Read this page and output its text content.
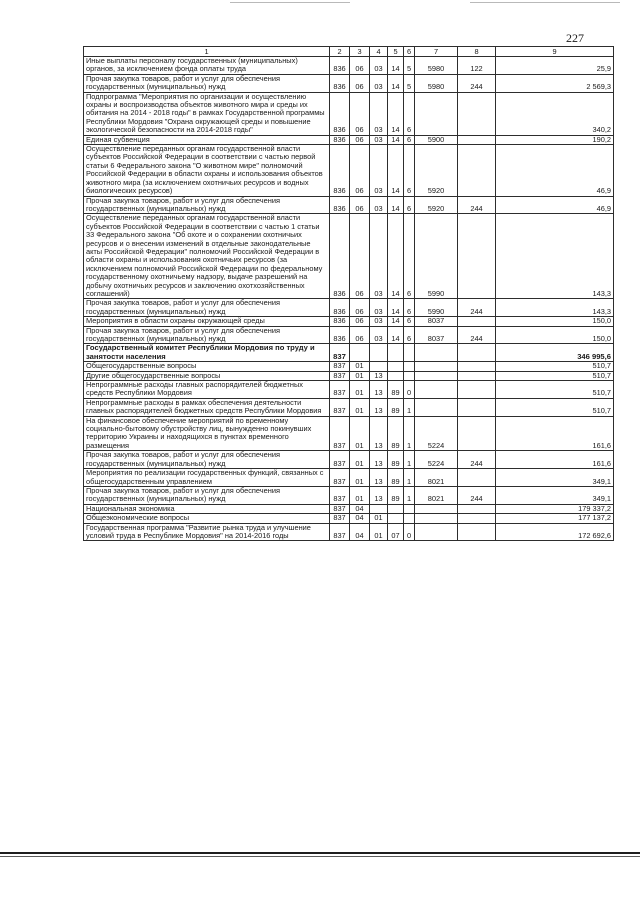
227
1	2	3	4	5	6	7	8	9
Иные выплаты персоналу государственных (муниципальных) органов, за исключением фонда оплаты труда	836	06	03	14	5	5980	122	25,9
Прочая закупка товаров, работ и услуг для обеспечения государственных (муниципальных) нужд	836	06	03	14	5	5980	244	2 569,3
Подпрограмма "Мероприятия по организации и осуществлению охраны и воспроизводства объектов животного мира и среды их обитания на 2014 - 2018 годы" в рамках Государственной программы Республики Мордовия "Охрана окружающей среды и повышение экологической безопасности на 2014-2018 годы"	836	06	03	14	6			340,2
Единая субвенция	836	06	03	14	6	5900		190,2
Осуществление переданных органам государственной власти субъектов Российской Федерации в соответствии с частью первой статьи 6 Федерального закона "О животном мире" полномочий Российской Федерации в области охраны и использования объектов животного мира (за исключением охотничьих ресурсов и водных биологических ресурсов)	836	06	03	14	6	5920		46,9
Прочая закупка товаров, работ и услуг для обеспечения государственных (муниципальных) нужд	836	06	03	14	6	5920	244	46,9
Осуществление переданных органам государственной власти субъектов Российской Федерации в соответствии с частью 1 статьи 33 Федерального закона "Об охоте и о сохранении охотничьих ресурсов и о внесении изменений в отдельные законодательные акты Российской Федерации" полномочий Российской Федерации в области охраны и использования охотничьих ресурсов (за исключением полномочий Российской Федерации по федеральному государственному охотничьему надзору, выдаче разрешений на добычу охотничьих ресурсов и заключению охотхозяйственных соглашений)	836	06	03	14	6	5990		143,3
Прочая закупка товаров, работ и услуг для обеспечения государственных (муниципальных) нужд	836	06	03	14	6	5990	244	143,3
Мероприятия в области охраны окружающей среды	836	06	03	14	6	8037		150,0
Прочая закупка товаров, работ и услуг для обеспечения государственных (муниципальных) нужд	836	06	03	14	6	8037	244	150,0
Государственный комитет Республики Мордовия по труду и занятости населения	837							346 995,6
Общегосударственные вопросы	837	01						510,7
Другие общегосударственные вопросы	837	01	13					510,7
Непрограммные расходы главных распорядителей бюджетных средств Республики Мордовия	837	01	13	89	0			510,7
Непрограммные расходы в рамках обеспечения деятельности главных распорядителей бюджетных средств Республики Мордовия	837	01	13	89	1			510,7
На финансовое обеспечение мероприятий по временному социально-бытовому обустройству лиц, вынужденно покинувших территорию Украины и находящихся в пунктах временного размещения	837	01	13	89	1	5224		161,6
Прочая закупка товаров, работ и услуг для обеспечения государственных (муниципальных) нужд	837	01	13	89	1	5224	244	161,6
Мероприятия по реализации государственных функций, связанных с общегосударственным управлением	837	01	13	89	1	8021		349,1
Прочая закупка товаров, работ и услуг для обеспечения государственных (муниципальных) нужд	837	01	13	89	1	8021	244	349,1
Национальная экономика	837	04						179 337,2
Общеэкономические вопросы	837	04	01					177 137,2
Государственная программа "Развитие рынка труда и улучшение условий труда в Республике Мордовия" на 2014-2016 годы	837	04	01	07	0			172 692,6
